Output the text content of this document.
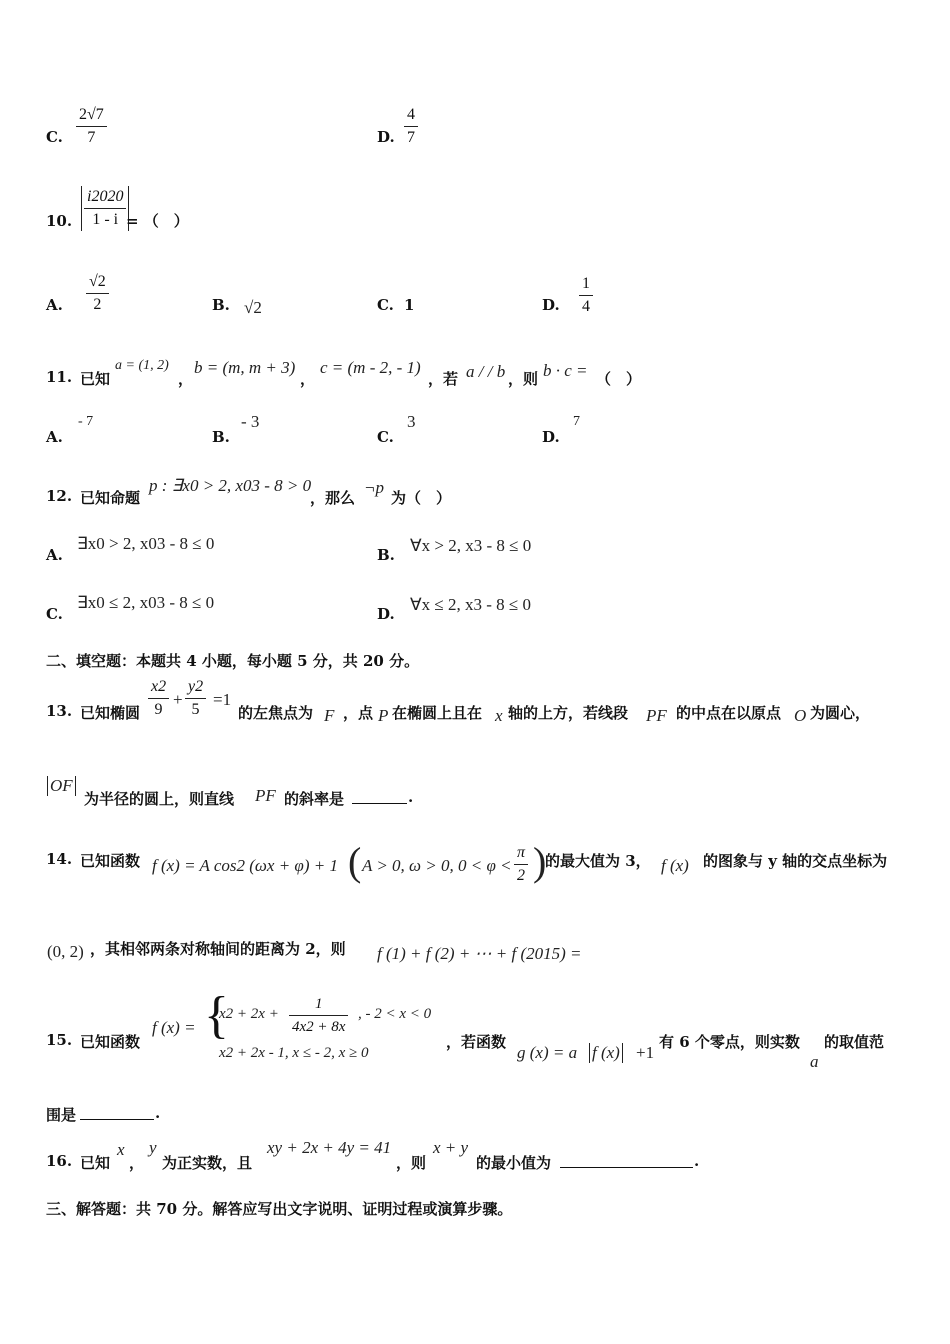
C. $\frac{2√7}{7}$	D. $\frac{4}{7}$
10. $\frac{i2020}{1 - i}$
= （　）
A. $\frac{√2}{2}$	B. √2	C. 1	D. $\frac{1}{4}$
11. 已知
a = (1, 2)
，
b = (m, m + 3)
，
c = (m - 2, - 1)
，若 a / / b ，则 b · c = （　）
A.
- 7
B.
- 3
C.
3
D.
7
12. 已知命题
p : ∃x0 > 2, x03 - 8 > 0
，那么
¬p
为（　）
A.
∃x0 > 2, x03 - 8 ≤ 0
B. ∀x > 2, x3 - 8 ≤ 0
C.
∃x0 ≤ 2, x03 - 8 ≤ 0
D. ∀x ≤ 2, x3 - 8 ≤ 0
二、填空题：本题共 4 小题，每小题 5 分，共 20 分。
13. 已知椭圆 $\frac{x2}{9} + \frac{y2}{5} =1$
的左焦点为 F ，点 P 在椭圆上且在 x 轴的上方，若线段 PF 的中点在以原点 O 为圆心，
OF
为半径的圆上，则直线 PF 的斜率是	.
14. 已知函数 f (x) = A cos2 (ωx + φ) + 1 ( A > 0, ω > 0, 0 < φ <
π
2 )
的最大值为 3， f (x) 的图象与 y 轴的交点坐标为
(0, 2) ，其相邻两条对称轴间的距离为 2，则 f (1) + f (2) + ⋯ + f (2015) =
15. 已知函数
f (x) = {
$x2 + 2x + \frac{1}{4x2 + 8x}$ , - 2 < x < 0
x2 + 2x - 1, x ≤ - 2, x ≥ 0
，若函数
g (x) = a f (x) +1
有 6 个零点，则实数
a
的取值范
围是	.
16. 已知
x
，
y
为正实数，且
xy + 2x + 4y = 41
，则
x + y
的最小值为	.
三、解答题：共 70 分。解答应写出文字说明、证明过程或演算步骤。
